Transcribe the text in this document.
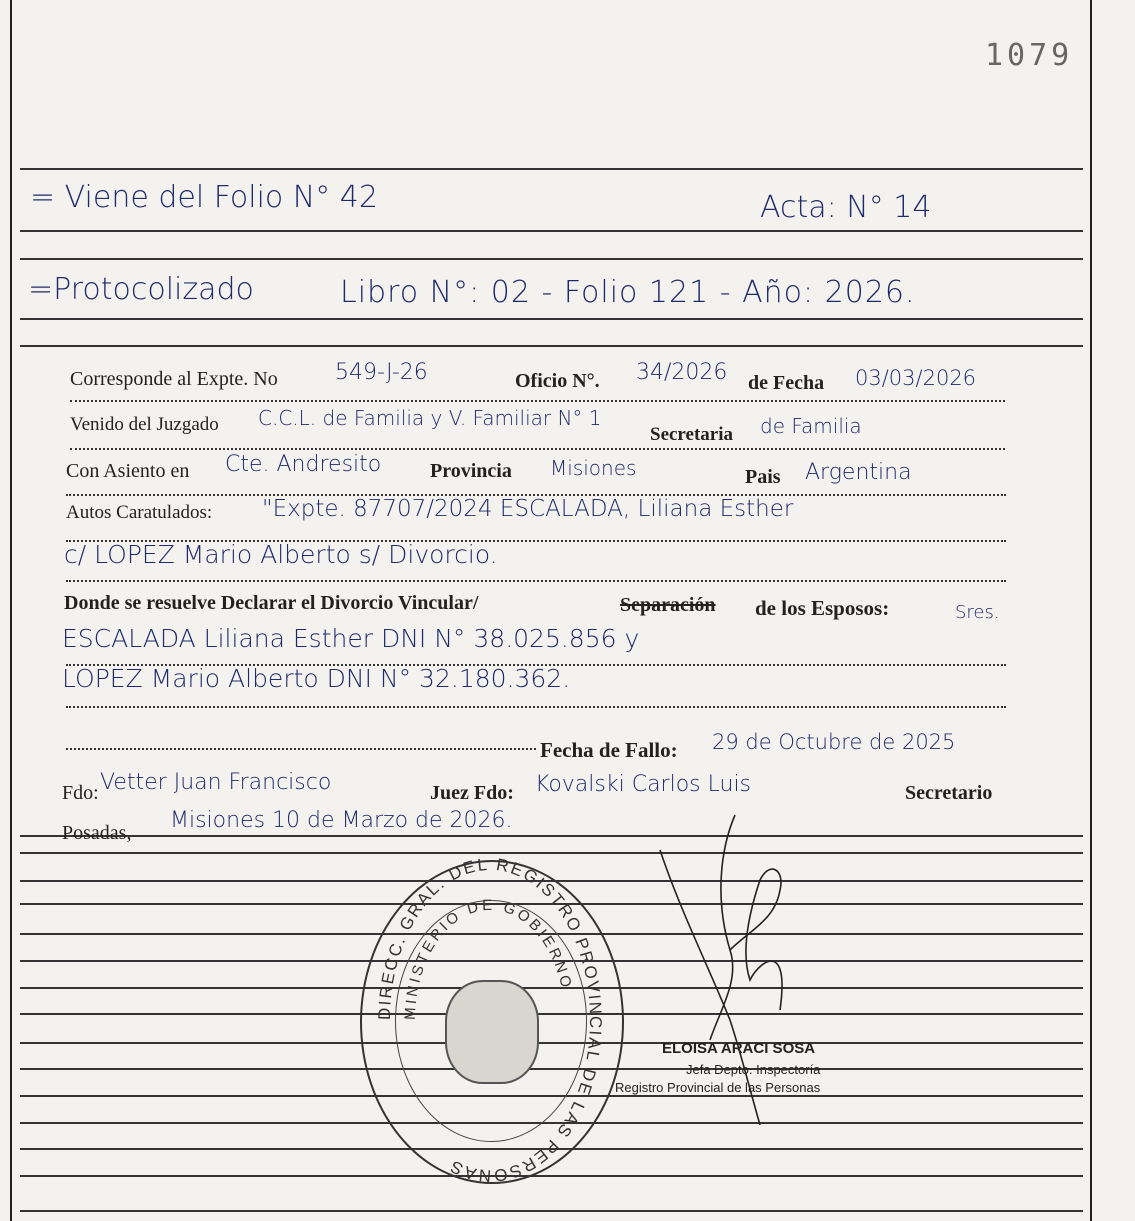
1079
= Viene del Folio N° 42	Acta: N° 14
=Protocolizado	Libro N°: 02 - Folio 121 - Año: 2026.
Corresponde al Expte. No	549-J-26	Oficio N°. 34/2026 de Fecha 03/03/2026
Venido del Juzgado C.C.L. de Familia y V. Familiar N° 1
Secretaria de Familia
Con Asiento en Cte. Andresito Provincia Misiones	Pais Argentina
Autos Caratulados: "Expte. 87707/2024 ESCALADA, Liliana Esther
c/ LOPEZ Mario Alberto s/ Divorcio.
Donde se resuelve Declarar el Divorcio Vincular/	Separación de los Esposos:	Sres.
ESCALADA Liliana Esther DNI N° 38.025.856 y
LOPEZ Mario Alberto DNI N° 32.180.362.
Fecha de Fallo: 29 de Octubre de 2025
Fdo: Vetter Juan Francisco	Juez Fdo: Kovalski Carlos Luis	Secretario
Posadas, Misiones 10 de Marzo de 2026.
DIRECC. GRAL. DEL REGISTRO PROVINCIAL DE LAS PERSONAS
MINISTERIO DE GOBIERNO
ELOISA ARACI SOSA
Jefa Depto. Inspectoría
Registro Provincial de las Personas
